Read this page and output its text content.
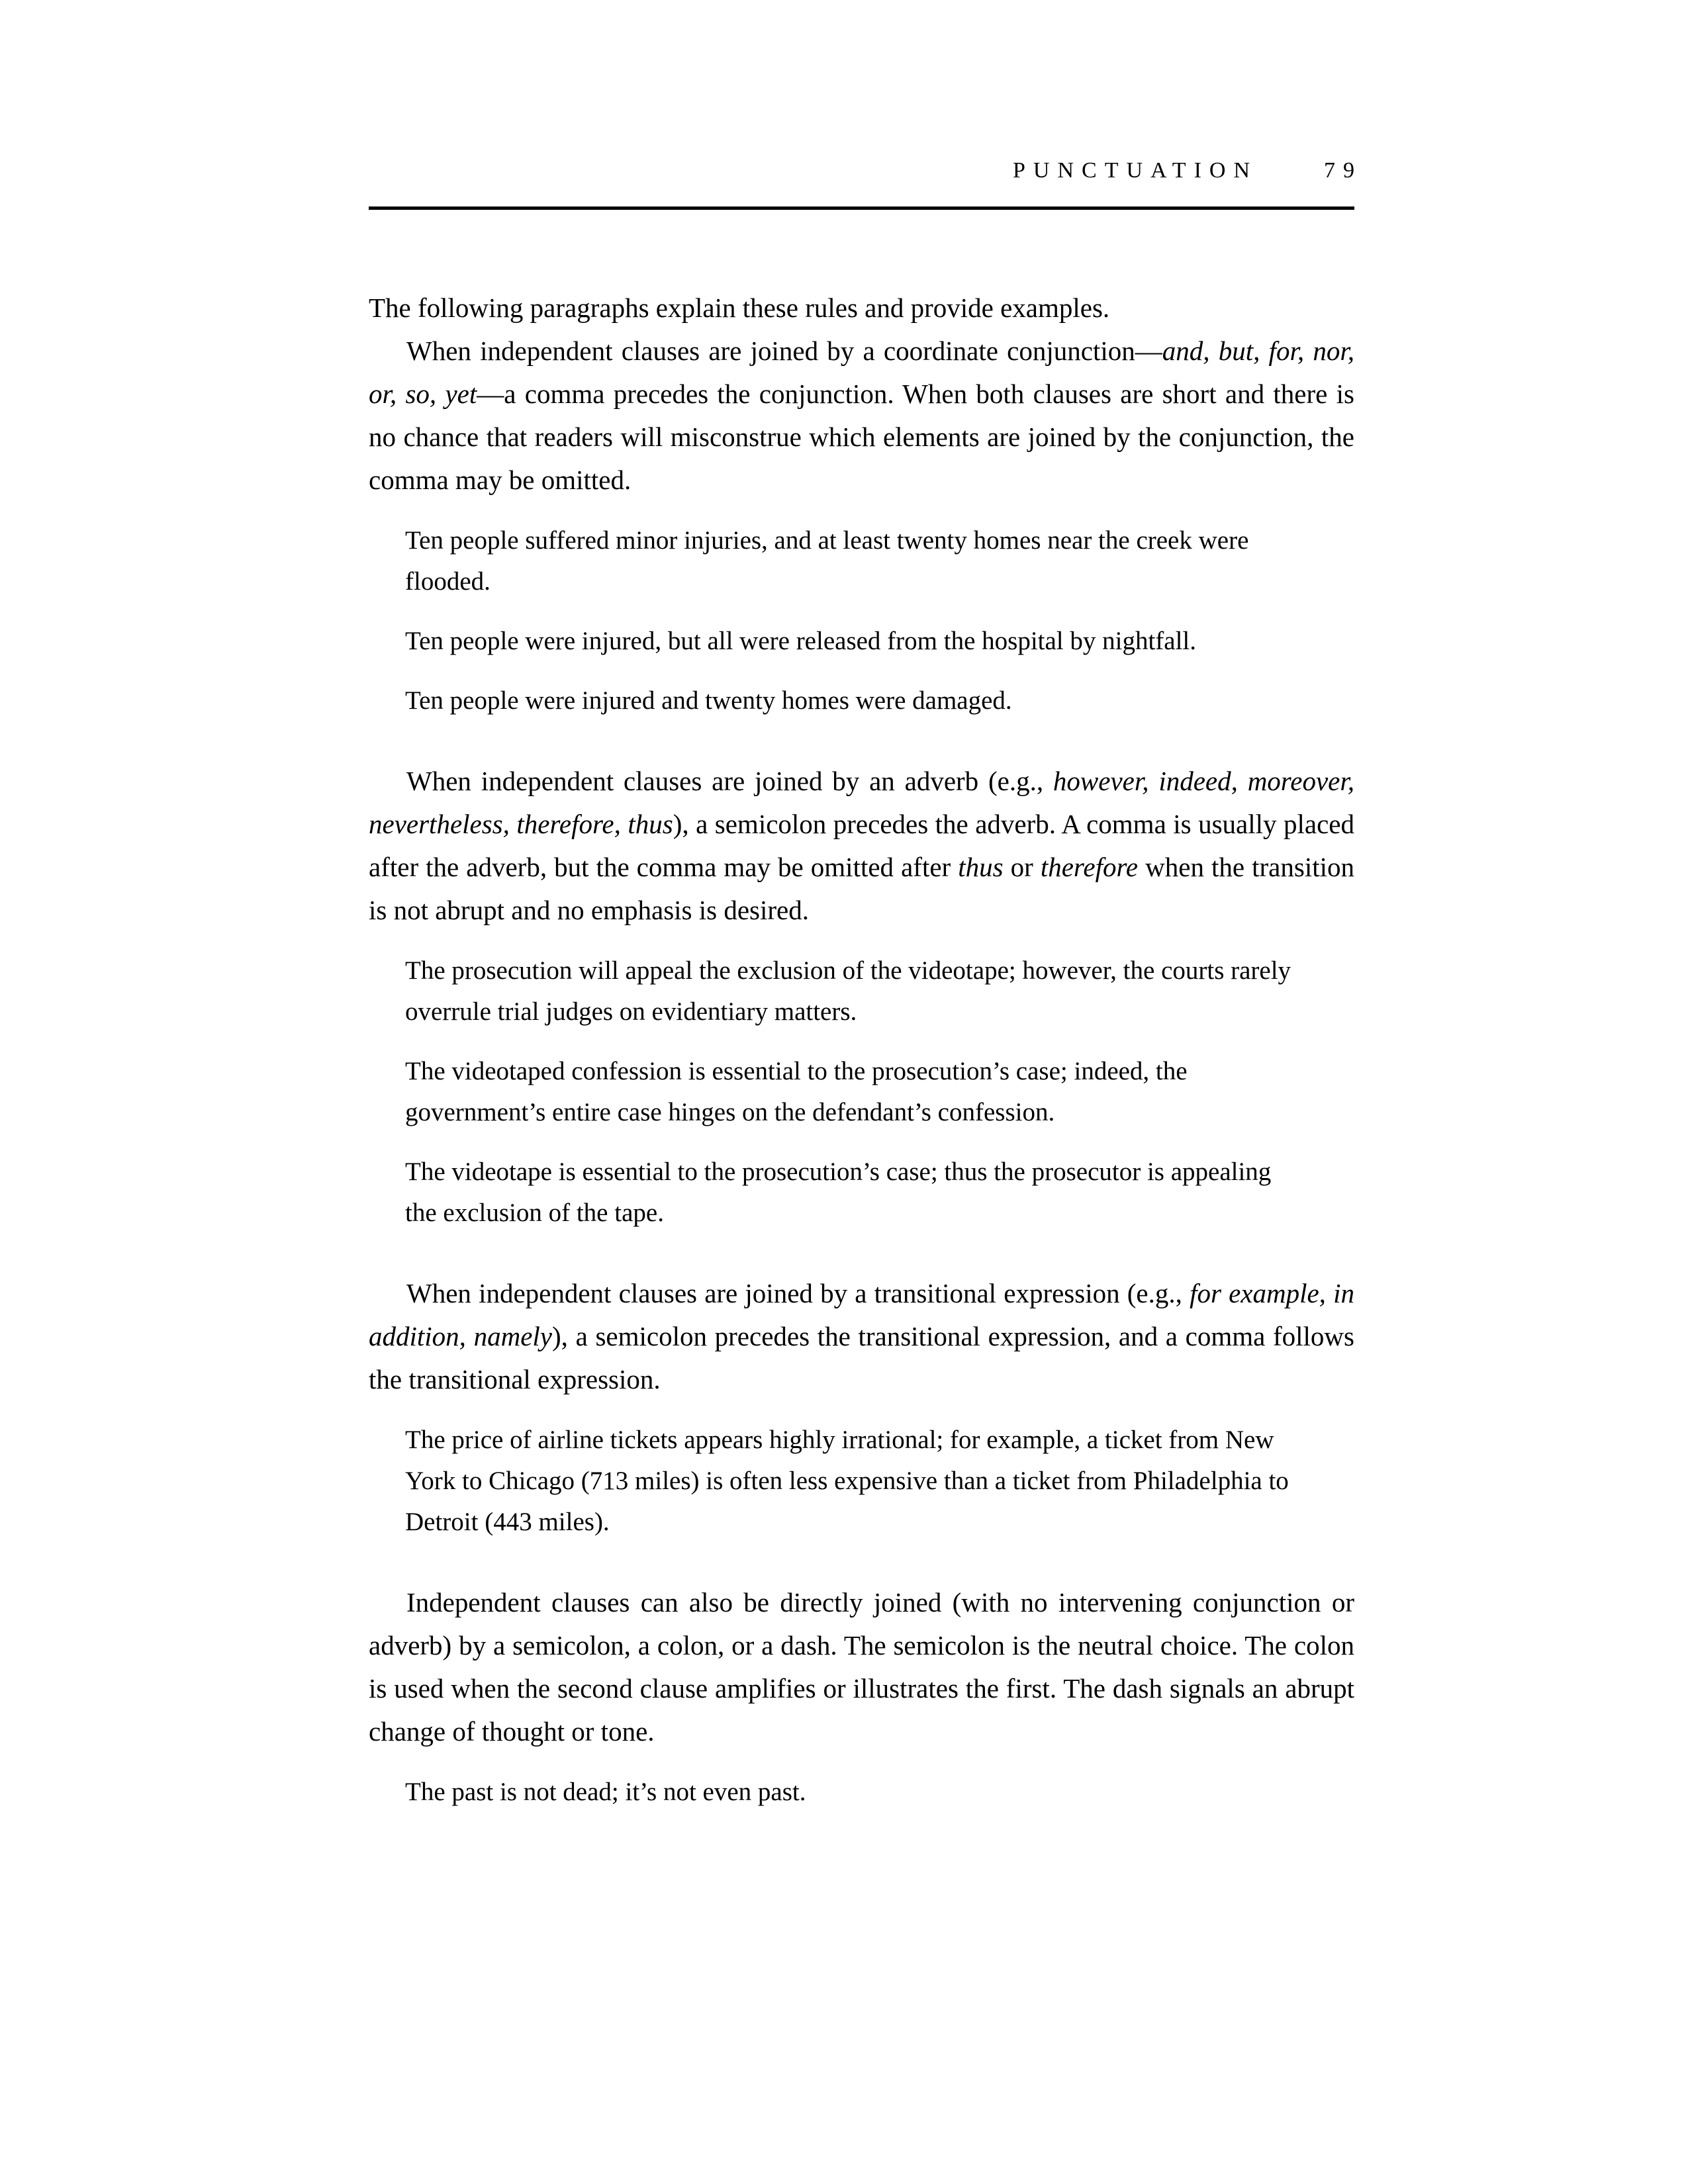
PUNCTUATION	79

The following paragraphs explain these rules and provide examples.

When independent clauses are joined by a coordinate conjunction—and, but, for, nor, or, so, yet—a comma precedes the conjunction. When both clauses are short and there is no chance that readers will misconstrue which elements are joined by the conjunction, the comma may be omitted.

Ten people suffered minor injuries, and at least twenty homes near the creek were flooded.

Ten people were injured, but all were released from the hospital by nightfall.

Ten people were injured and twenty homes were damaged.

When independent clauses are joined by an adverb (e.g., however, indeed, moreover, nevertheless, therefore, thus), a semicolon precedes the adverb. A comma is usually placed after the adverb, but the comma may be omitted after thus or therefore when the transition is not abrupt and no emphasis is desired.

The prosecution will appeal the exclusion of the videotape; however, the courts rarely overrule trial judges on evidentiary matters.

The videotaped confession is essential to the prosecution’s case; indeed, the government’s entire case hinges on the defendant’s confession.

The videotape is essential to the prosecution’s case; thus the prosecutor is appealing the exclusion of the tape.

When independent clauses are joined by a transitional expression (e.g., for example, in addition, namely), a semicolon precedes the transitional expression, and a comma follows the transitional expression.

The price of airline tickets appears highly irrational; for example, a ticket from New York to Chicago (713 miles) is often less expensive than a ticket from Philadelphia to Detroit (443 miles).

Independent clauses can also be directly joined (with no intervening conjunction or adverb) by a semicolon, a colon, or a dash. The semicolon is the neutral choice. The colon is used when the second clause amplifies or illustrates the first. The dash signals an abrupt change of thought or tone.

The past is not dead; it’s not even past.
